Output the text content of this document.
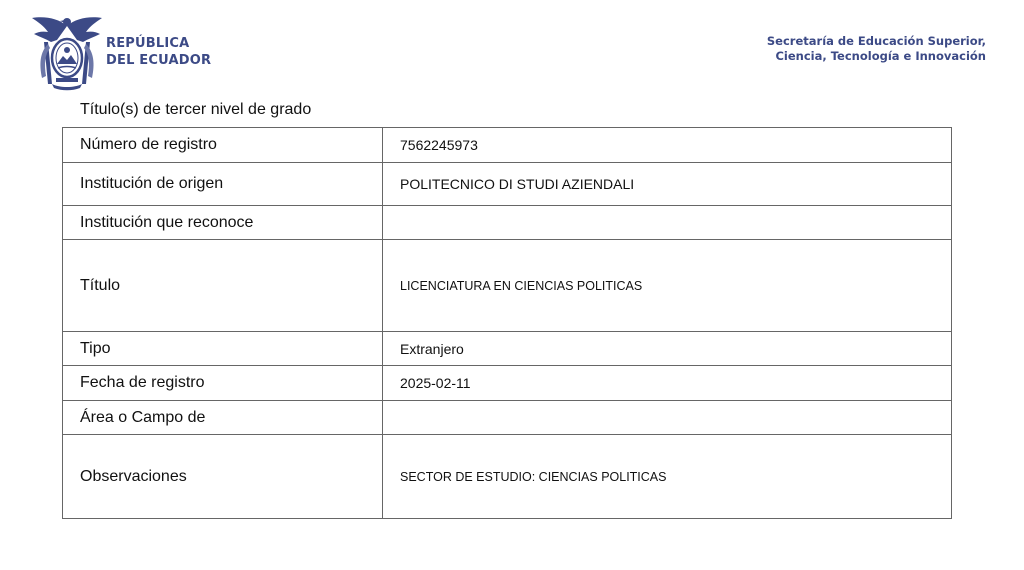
REPÚBLICA
DEL ECUADOR
Secretaría de Educación Superior,
Ciencia, Tecnología e Innovación
Título(s) de tercer nivel de grado
Número de registro	7562245973
Institución de origen	POLITECNICO DI STUDI AZIENDALI
Institución que reconoce	
Título	LICENCIATURA EN CIENCIAS POLITICAS
Tipo	Extranjero
Fecha de registro	2025-02-11
Área o Campo de	
Observaciones	SECTOR DE ESTUDIO: CIENCIAS POLITICAS
